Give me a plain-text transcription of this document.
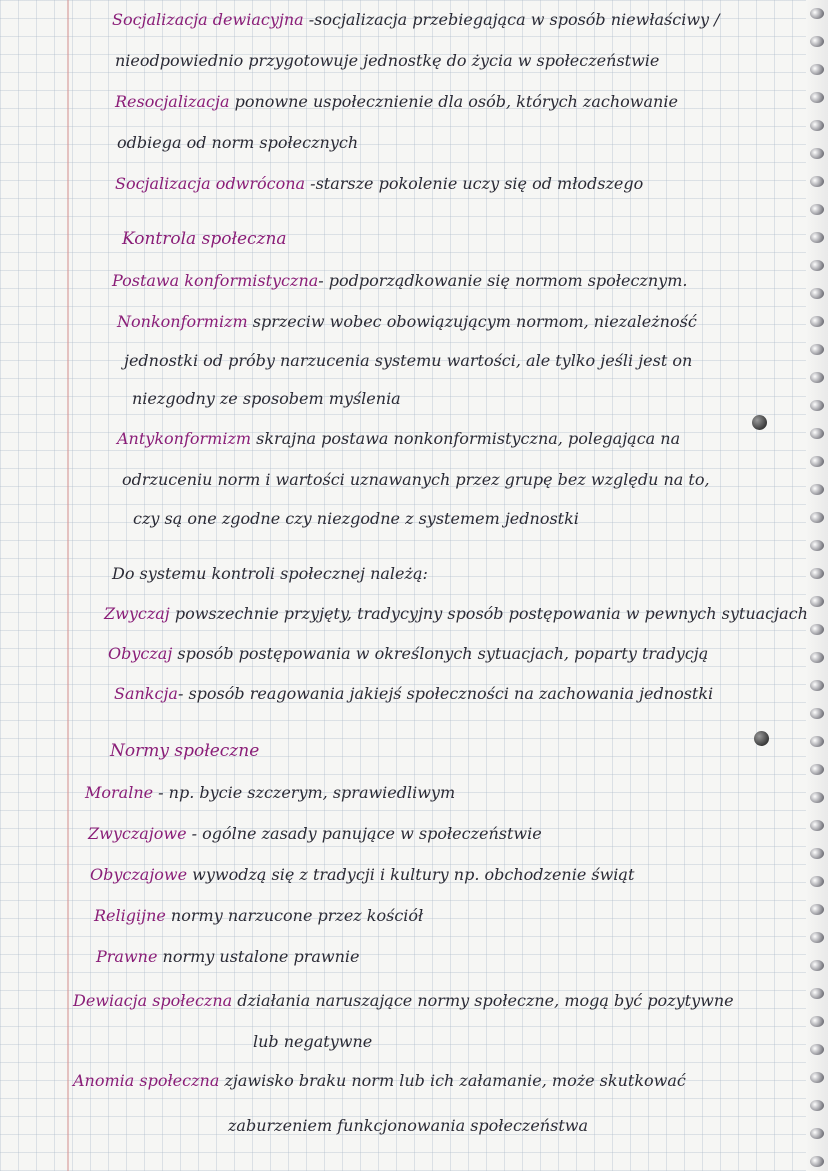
Socjalizacja dewiacyjna -socjalizacja przebiegająca w sposób niewłaściwy /
nieodpowiednio przygotowuje jednostkę do życia w społeczeństwie
Resocjalizacja ponowne uspołecznienie dla osób, których zachowanie
odbiega od norm społecznych
Socjalizacja odwrócona -starsze pokolenie uczy się od młodszego
Kontrola społeczna
Postawa konformistyczna- podporządkowanie się normom społecznym.
Nonkonformizm sprzeciw wobec obowiązującym normom, niezależność
jednostki od próby narzucenia systemu wartości, ale tylko jeśli jest on
niezgodny ze sposobem myślenia
Antykonformizm skrajna postawa nonkonformistyczna, polegająca na
odrzuceniu norm i wartości uznawanych przez grupę bez względu na to,
czy są one zgodne czy niezgodne z systemem jednostki
Do systemu kontroli społecznej należą:
Zwyczaj powszechnie przyjęty, tradycyjny sposób postępowania w pewnych sytuacjach
Obyczaj sposób postępowania w określonych sytuacjach, poparty tradycją
Sankcja- sposób reagowania jakiejś społeczności na zachowania jednostki
Normy społeczne
Moralne - np. bycie szczerym, sprawiedliwym
Zwyczajowe - ogólne zasady panujące w społeczeństwie
Obyczajowe wywodzą się z tradycji i kultury np. obchodzenie świąt
Religijne normy narzucone przez kościół
Prawne normy ustalone prawnie
Dewiacja społeczna działania naruszające normy społeczne, mogą być pozytywne
lub negatywne
Anomia społeczna zjawisko braku norm lub ich załamanie, może skutkować
zaburzeniem funkcjonowania społeczeństwa
